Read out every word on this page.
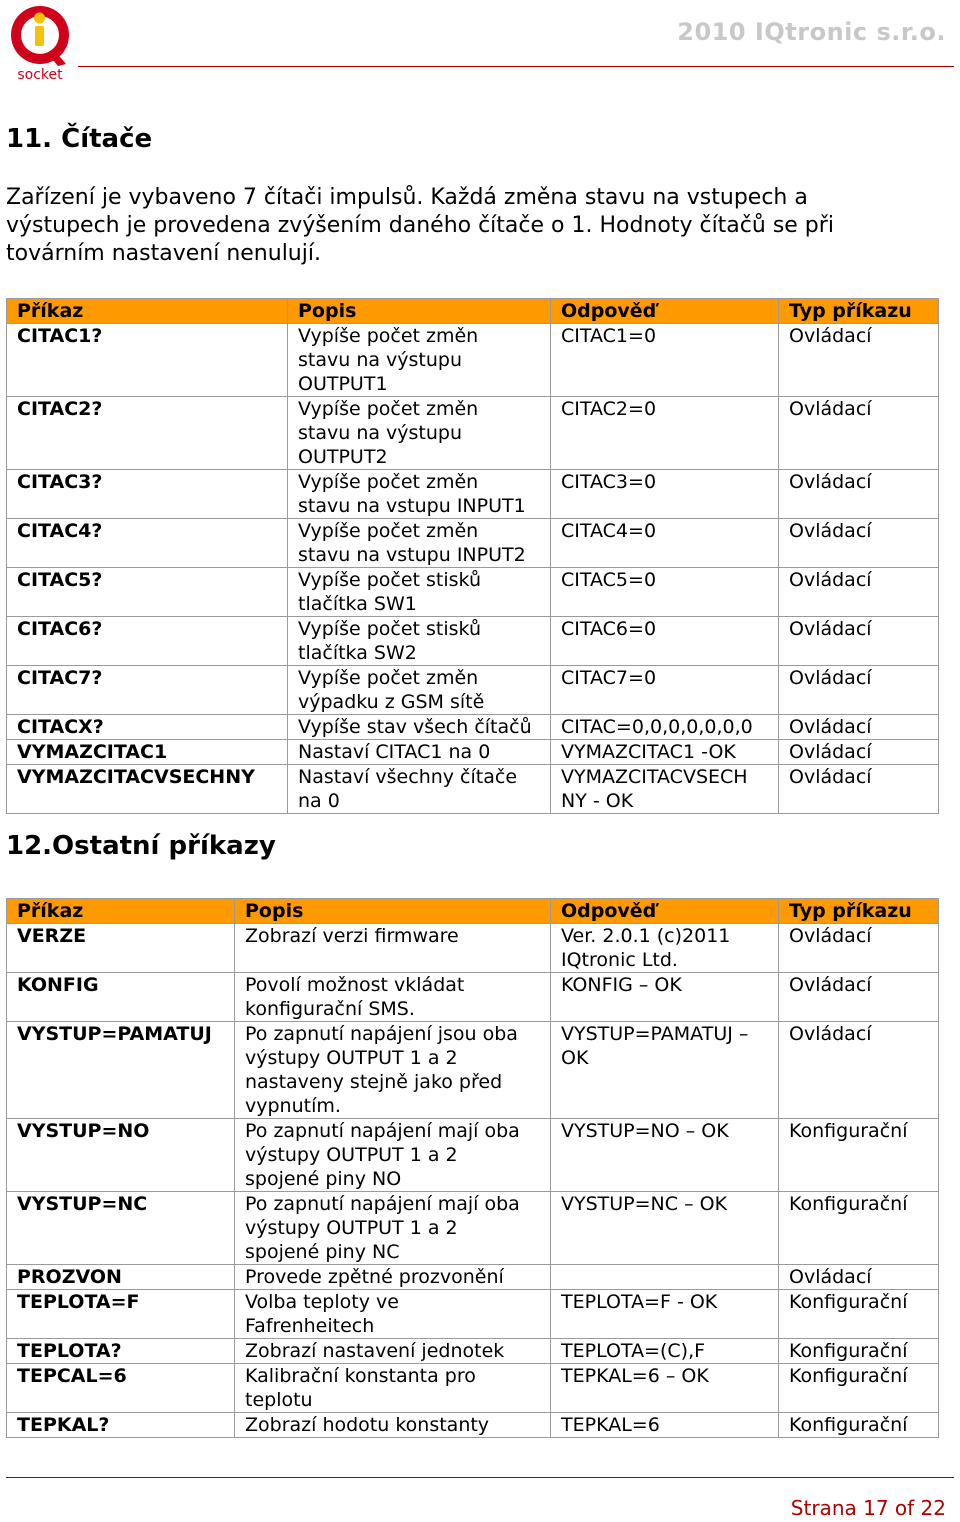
socket
2010 IQtronic s.r.o.
11. Čítače

Zařízení je vybaveno 7 čítači impulsů. Každá změna stavu na vstupech a
výstupech je provedena zvýšením daného čítače o 1. Hodnoty čítačů se při
továrním nastavení nenulují.

Příkaz	Popis	Odpověď	Typ příkazu
CITAC1?	Vypíše počet změn
stavu na výstupu
OUTPUT1	CITAC1=0	Ovládací
CITAC2?	Vypíše počet změn
stavu na výstupu
OUTPUT2	CITAC2=0	Ovládací
CITAC3?	Vypíše počet změn
stavu na vstupu INPUT1	CITAC3=0	Ovládací
CITAC4?	Vypíše počet změn
stavu na vstupu INPUT2	CITAC4=0	Ovládací
CITAC5?	Vypíše počet stisků
tlačítka SW1	CITAC5=0	Ovládací
CITAC6?	Vypíše počet stisků
tlačítka SW2	CITAC6=0	Ovládací
CITAC7?	Vypíše počet změn
výpadku z GSM sítě	CITAC7=0	Ovládací
CITACX?	Vypíše stav všech čítačů	CITAC=0,0,0,0,0,0,0	Ovládací
VYMAZCITAC1	Nastaví CITAC1 na 0	VYMAZCITAC1 -OK	Ovládací
VYMAZCITACVSECHNY	Nastaví všechny čítače
na 0	VYMAZCITACVSECH
NY - OK	Ovládací
12.Ostatní příkazy
Příkaz	Popis	Odpověď	Typ příkazu
VERZE	Zobrazí verzi firmware	Ver. 2.0.1 (c)2011
IQtronic Ltd.	Ovládací
KONFIG	Povolí možnost vkládat
konfigurační SMS.	KONFIG – OK	Ovládací
VYSTUP=PAMATUJ	Po zapnutí napájení jsou oba
výstupy OUTPUT 1 a 2
nastaveny stejně jako před
vypnutím.	VYSTUP=PAMATUJ –
OK	Ovládací
VYSTUP=NO	Po zapnutí napájení mají oba
výstupy OUTPUT 1 a 2
spojené piny NO	VYSTUP=NO – OK	Konfigurační
VYSTUP=NC	Po zapnutí napájení mají oba
výstupy OUTPUT 1 a 2
spojené piny NC	VYSTUP=NC – OK	Konfigurační
PROZVON	Provede zpětné prozvonění		Ovládací
TEPLOTA=F	Volba teploty ve
Fafrenheitech	TEPLOTA=F - OK	Konfigurační
TEPLOTA?	Zobrazí nastavení jednotek	TEPLOTA=(C),F	Konfigurační
TEPCAL=6	Kalibrační konstanta pro
teplotu	TEPKAL=6 – OK	Konfigurační
TEPKAL?	Zobrazí hodotu konstanty	TEPKAL=6	Konfigurační
Strana 17 of 22
